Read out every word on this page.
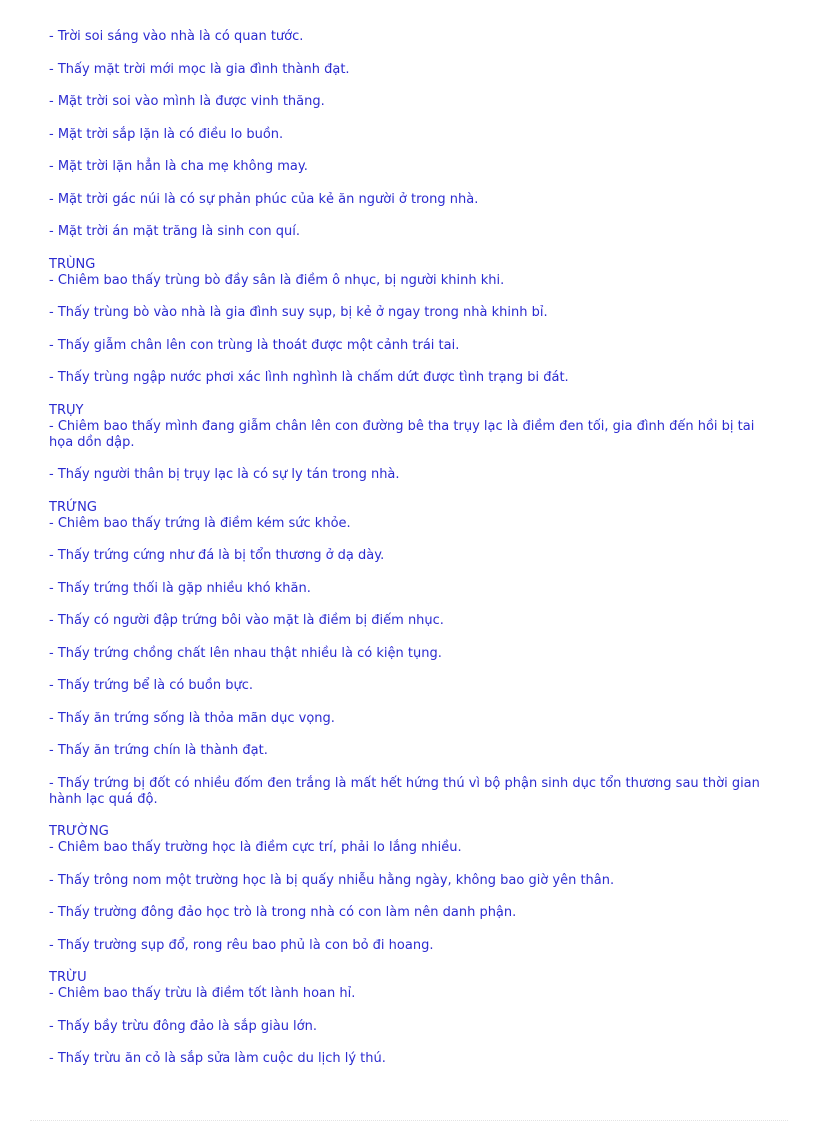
- Trời soi sáng vào nhà là có quan tước.
- Thấy mặt trời mới mọc là gia đình thành đạt.
- Mặt trời soi vào mình là được vinh thăng.
- Mặt trời sắp lặn là có điều lo buồn.
- Mặt trời lặn hẳn là cha mẹ không may.
- Mặt trời gác núi là có sự phản phúc của kẻ ăn người ở trong nhà.
- Mặt trời án mặt trăng là sinh con quí.
TRÙNG
- Chiêm bao thấy trùng bò đầy sân là điềm ô nhục, bị người khinh khi.
- Thấy trùng bò vào nhà là gia đình suy sụp, bị kẻ ở ngay trong nhà khinh bỉ.
- Thấy giẫm chân lên con trùng là thoát được một cảnh trái tai.
- Thấy trùng ngập nước phơi xác lình nghình là chấm dứt được tình trạng bi đát.
TRỤY
- Chiêm bao thấy mình đang giẫm chân lên con đường bê tha trụy lạc là điềm đen tối, gia đình đến hồi bị tai họa dồn dập.
- Thấy người thân bị trụy lạc là có sự ly tán trong nhà.
TRỨNG
- Chiêm bao thấy trứng là điềm kém sức khỏe.
- Thấy trứng cứng như đá là bị tổn thương ở dạ dày.
- Thấy trứng thối là gặp nhiều khó khăn.
- Thấy có người đập trứng bôi vào mặt là điềm bị điếm nhục.
- Thấy trứng chồng chất lên nhau thật nhiều là có kiện tụng.
- Thấy trứng bể là có buồn bực.
- Thấy ăn trứng sống là thỏa mãn dục vọng.
- Thấy ăn trứng chín là thành đạt.
- Thấy trứng bị đốt có nhiều đốm đen trắng là mất hết hứng thú vì bộ phận sinh dục tổn thương sau thời gian hành lạc quá độ.
TRƯỜNG
- Chiêm bao thấy trường học là điềm cực trí, phải lo lắng nhiều.
- Thấy trông nom một trường học là bị quấy nhiễu hằng ngày, không bao giờ yên thân.
- Thấy trường đông đảo học trò là trong nhà có con làm nên danh phận.
- Thấy trường sụp đổ, rong rêu bao phủ là con bỏ đi hoang.
TRỪU
- Chiêm bao thấy trừu là điềm tốt lành hoan hỉ.
- Thấy bầy trừu đông đảo là sắp giàu lớn.
- Thấy trừu ăn cỏ là sắp sửa làm cuộc du lịch lý thú.
